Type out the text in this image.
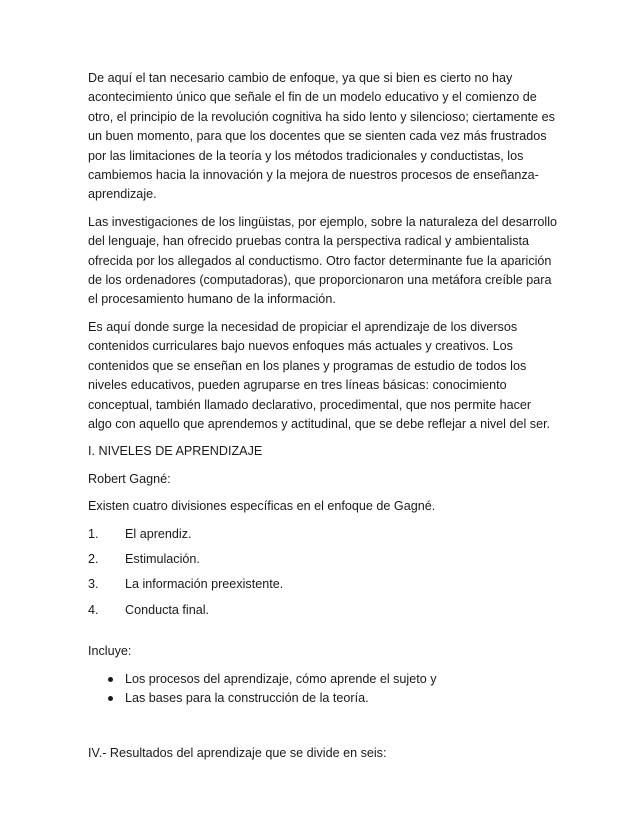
De aquí el tan necesario cambio de enfoque, ya que si bien es cierto no hay acontecimiento único que señale el fin de un modelo educativo y el comienzo de otro, el principio de la revolución cognitiva ha sido lento y silencioso; ciertamente es un buen momento, para que los docentes que se sienten cada vez más frustrados por las limitaciones de la teoría y los métodos tradicionales y conductistas, los cambiemos hacia la innovación y la mejora de nuestros procesos de enseñanza-aprendizaje.

Las investigaciones de los lingüistas, por ejemplo, sobre la naturaleza del desarrollo del lenguaje, han ofrecido pruebas contra la perspectiva radical y ambientalista ofrecida por los allegados al conductismo. Otro factor determinante fue la aparición de los ordenadores (computadoras), que proporcionaron una metáfora creíble para el procesamiento humano de la información.

Es aquí donde surge la necesidad de propiciar el aprendizaje de los diversos contenidos curriculares bajo nuevos enfoques más actuales y creativos. Los contenidos que se enseñan en los planes y programas de estudio de todos los niveles educativos, pueden agruparse en tres líneas básicas: conocimiento conceptual, también llamado declarativo, procedimental, que nos permite hacer algo con aquello que aprendemos y actitudinal, que se debe reflejar a nivel del ser.

I. NIVELES DE APRENDIZAJE

Robert Gagné:

Existen cuatro divisiones específicas en el enfoque de Gagné.

1.	El aprendiz.
2.	Estimulación.
3.	La información preexistente.
4.	Conducta final.

Incluye:

Los procesos del aprendizaje, cómo aprende el sujeto y
Las bases para la construcción de la teoría.

IV.- Resultados del aprendizaje que se divide en seis:
